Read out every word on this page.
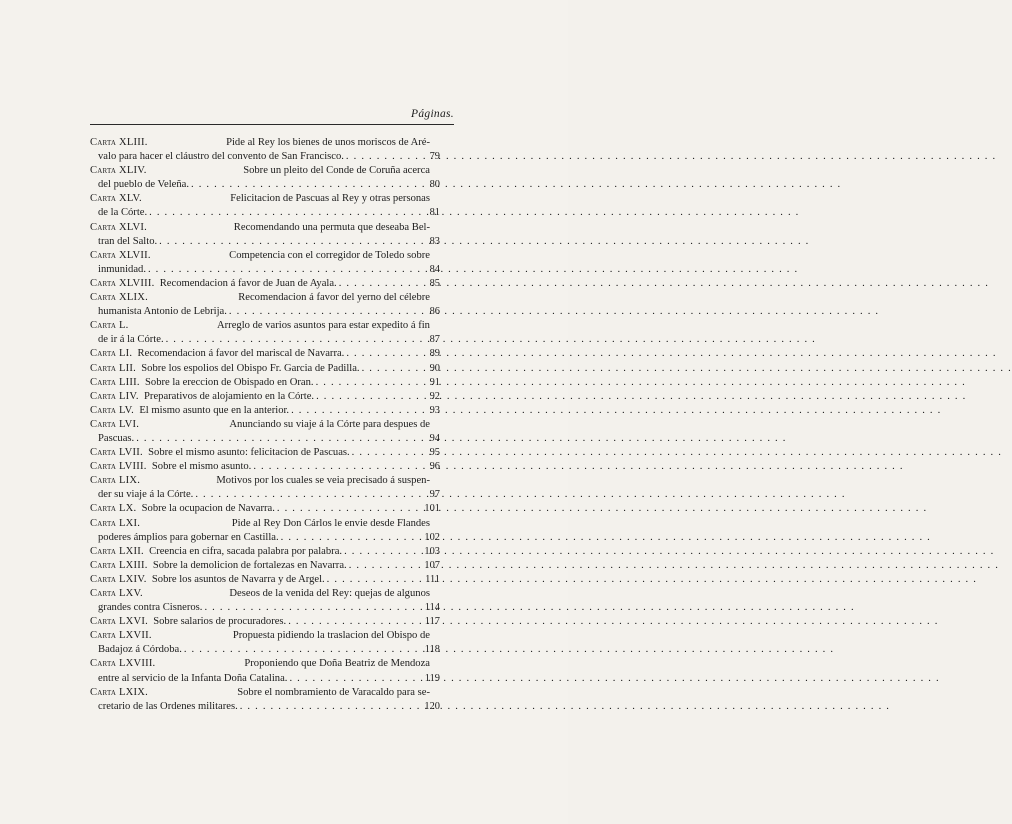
Páginas.
Carta XLIII.
	Pide al Rey los bienes de unos moriscos de Aré-
valo para hacer el cláustro del convento de San Francisco. . . .	79
Carta XLIV.
	Sobre un pleito del Conde de Coruña acerca
del pueblo de Veleña. . . .	80
Carta XLV.
	Felicitacion de Pascuas al Rey y otras personas
de la Córte. . . .	81
Carta XLVI.
	Recomendando una permuta que deseaba Bel-
tran del Salto. . . .	83
Carta XLVII.
	Competencia con el corregidor de Toledo sobre
inmunidad. . . .	84
Carta XLVIII.
Recomendacion á favor de Juan de Ayala. . . .	85
Carta XLIX.
	Recomendacion á favor del yerno del célebre
humanista Antonio de Lebrija. . . .	86
Carta L.
	Arreglo de varios asuntos para estar expedito á fin
de ir á la Córte. . . .	87
Carta LI.
Recomendacion á favor del mariscal de Navarra. . . .	89
Carta LII.
Sobre los espolios del Obispo Fr. Garcia de Padilla. . . .	90
Carta LIII.
Sobre la ereccion de Obispado en Oran. . . .	91
Carta LIV.
Preparativos de alojamiento en la Córte. . . .	92
Carta LV.
El mismo asunto que en la anterior. . . .	93
Carta LVI.
	Anunciando su viaje á la Córte para despues de
Pascuas. . . .	94
Carta LVII.
Sobre el mismo asunto: felicitacion de Pascuas. . . .	95
Carta LVIII.
Sobre el mismo asunto. . . .	96
Carta LIX.
	Motivos por los cuales se veia precisado á suspen-
der su viaje á la Córte. . . .	97
Carta LX.
Sobre la ocupacion de Navarra. . . .	101
Carta LXI.
	Pide al Rey Don Cárlos le envie desde Flandes
poderes ámplios para gobernar en Castilla. . . .	102
Carta LXII.
Creencia en cifra, sacada palabra por palabra. . . .	103
Carta LXIII.
Sobre la demolicion de fortalezas en Navarra. . . .	107
Carta LXIV.
Sobre los asuntos de Navarra y de Argel. . . .	111
Carta LXV.
	Deseos de la venida del Rey: quejas de algunos
grandes contra Cisneros. . . .	114
Carta LXVI.
Sobre salarios de procuradores. . . .	117
Carta LXVII.
	Propuesta pidiendo la traslacion del Obispo de
Badajoz á Córdoba. . . .	118
Carta LXVIII.
	Proponiendo que Doña Beatriz de Mendoza
entre al servicio de la Infanta Doña Catalina. . . .	119
Carta LXIX.
	Sobre el nombramiento de Varacaldo para se-
cretario de las Ordenes militares. . . .	120
